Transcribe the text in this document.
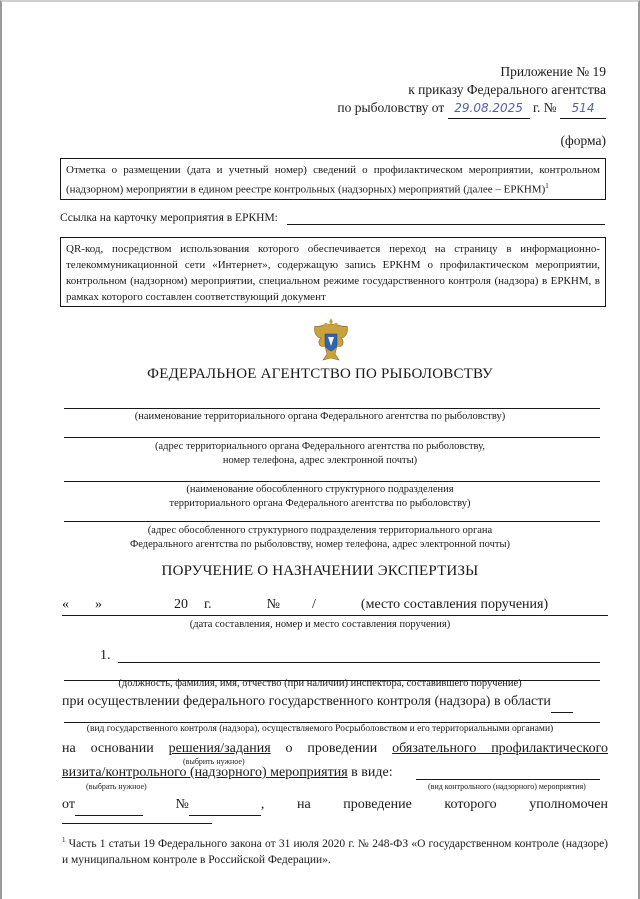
Приложение № 19
к приказу Федерального агентства
по рыболовству от 29.08.2025 г. № 514
(форма)
Отметка о размещении (дата и учетный номер) сведений о профилактическом мероприятии, контрольном (надзорном) мероприятии в едином реестре контрольных (надзорных) мероприятий (далее – ЕРКНМ)$^1$
Ссылка на карточку мероприятия в ЕРКНМ:
QR-код, посредством использования которого обеспечивается переход на страницу в информационно-телекоммуникационной сети «Интернет», содержащую запись ЕРКНМ о профилактическом мероприятии, контрольном (надзорном) мероприятии, специальном режиме государственного контроля (надзора) в ЕРКНМ, в рамках которого составлен соответствующий документ
ФЕДЕРАЛЬНОЕ АГЕНТСТВО ПО РЫБОЛОВСТВУ
(наименование территориального органа Федерального агентства по рыболовству)
(адрес территориального органа Федерального агентства по рыболовству,
номер телефона, адрес электронной почты)
(наименование обособленного структурного подразделения
территориального органа Федерального агентства по рыболовству)
(адрес обособленного структурного подразделения территориального органа
Федерального агентства по рыболовству, номер телефона, адрес электронной почты)
ПОРУЧЕНИЕ О НАЗНАЧЕНИИ ЭКСПЕРТИЗЫ
« »	20 г.	№ /	(место составления поручения)
(дата составления, номер и место составления поручения)
1.
(должность, фамилия, имя, отчество (при наличии) инспектора, составившего поручение)
при осуществлении федерального государственного контроля (надзора) в области
(вид государственного контроля (надзора), осуществляемого Росрыболовством и его территориальными органами)
на основании решения/задания о проведении обязательного профилактического
(выбрить нужное)
визита/контрольного (надзорного) мероприятия в виде:
(выбрать нужное)	(вид контрольного (надзорного) мероприятия)
от	№	, на проведение которого уполномочен
$^1$ Часть 1 статьи 19 Федерального закона от 31 июля 2020 г. № 248-ФЗ «О государственном контроле (надзоре) и муниципальном контроле в Российской Федерации».
